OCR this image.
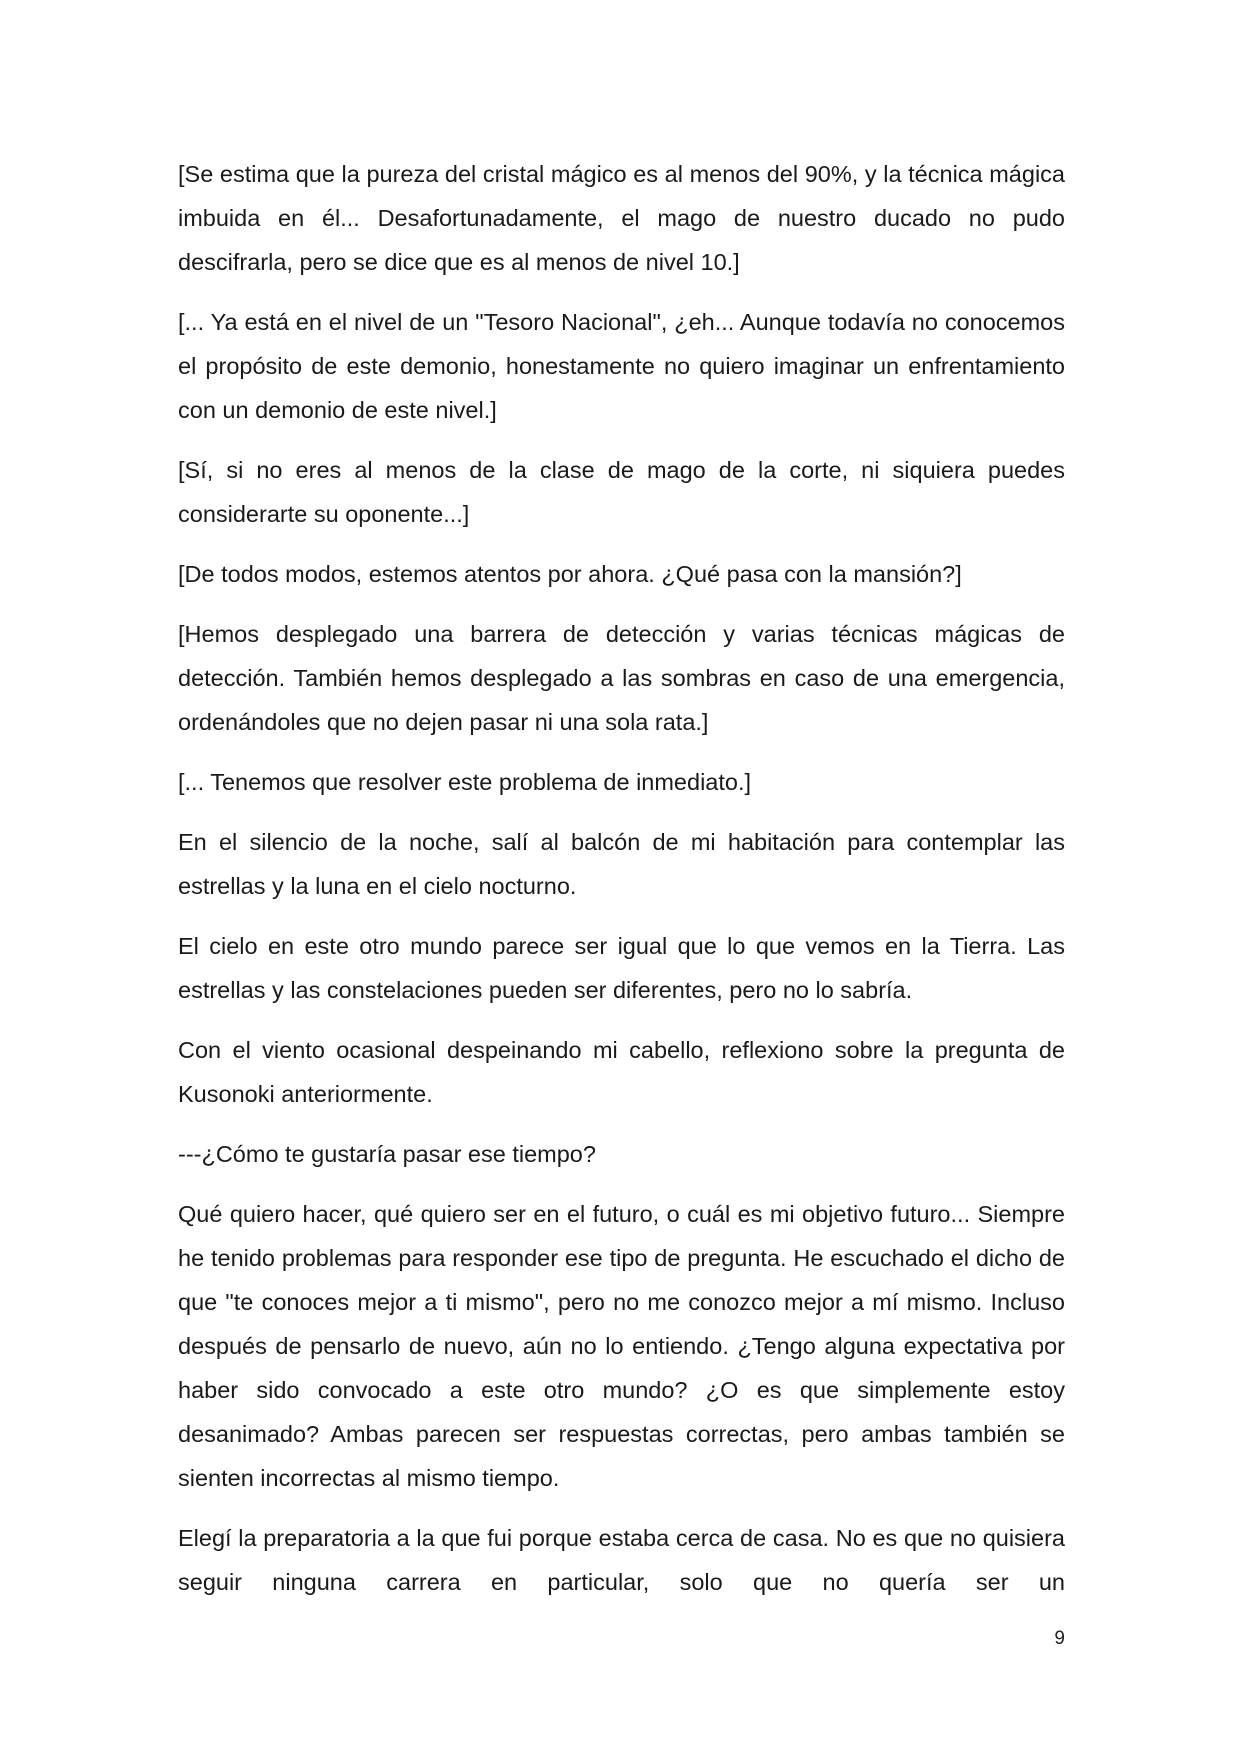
[Se estima que la pureza del cristal mágico es al menos del 90%, y la técnica mágica imbuida en él... Desafortunadamente, el mago de nuestro ducado no pudo descifrarla, pero se dice que es al menos de nivel 10.]

[... Ya está en el nivel de un "Tesoro Nacional", ¿eh... Aunque todavía no conocemos el propósito de este demonio, honestamente no quiero imaginar un enfrentamiento con un demonio de este nivel.]

[Sí, si no eres al menos de la clase de mago de la corte, ni siquiera puedes considerarte su oponente...]

[De todos modos, estemos atentos por ahora. ¿Qué pasa con la mansión?]

[Hemos desplegado una barrera de detección y varias técnicas mágicas de detección. También hemos desplegado a las sombras en caso de una emergencia, ordenándoles que no dejen pasar ni una sola rata.]

[... Tenemos que resolver este problema de inmediato.]

En el silencio de la noche, salí al balcón de mi habitación para contemplar las estrellas y la luna en el cielo nocturno.

El cielo en este otro mundo parece ser igual que lo que vemos en la Tierra. Las estrellas y las constelaciones pueden ser diferentes, pero no lo sabría.

Con el viento ocasional despeinando mi cabello, reflexiono sobre la pregunta de Kusonoki anteriormente.

---¿Cómo te gustaría pasar ese tiempo?

Qué quiero hacer, qué quiero ser en el futuro, o cuál es mi objetivo futuro... Siempre he tenido problemas para responder ese tipo de pregunta. He escuchado el dicho de que "te conoces mejor a ti mismo", pero no me conozco mejor a mí mismo. Incluso después de pensarlo de nuevo, aún no lo entiendo. ¿Tengo alguna expectativa por haber sido convocado a este otro mundo? ¿O es que simplemente estoy desanimado? Ambas parecen ser respuestas correctas, pero ambas también se sienten incorrectas al mismo tiempo.

Elegí la preparatoria a la que fui porque estaba cerca de casa. No es que no quisiera seguir ninguna carrera en particular, solo que no quería ser un

9
